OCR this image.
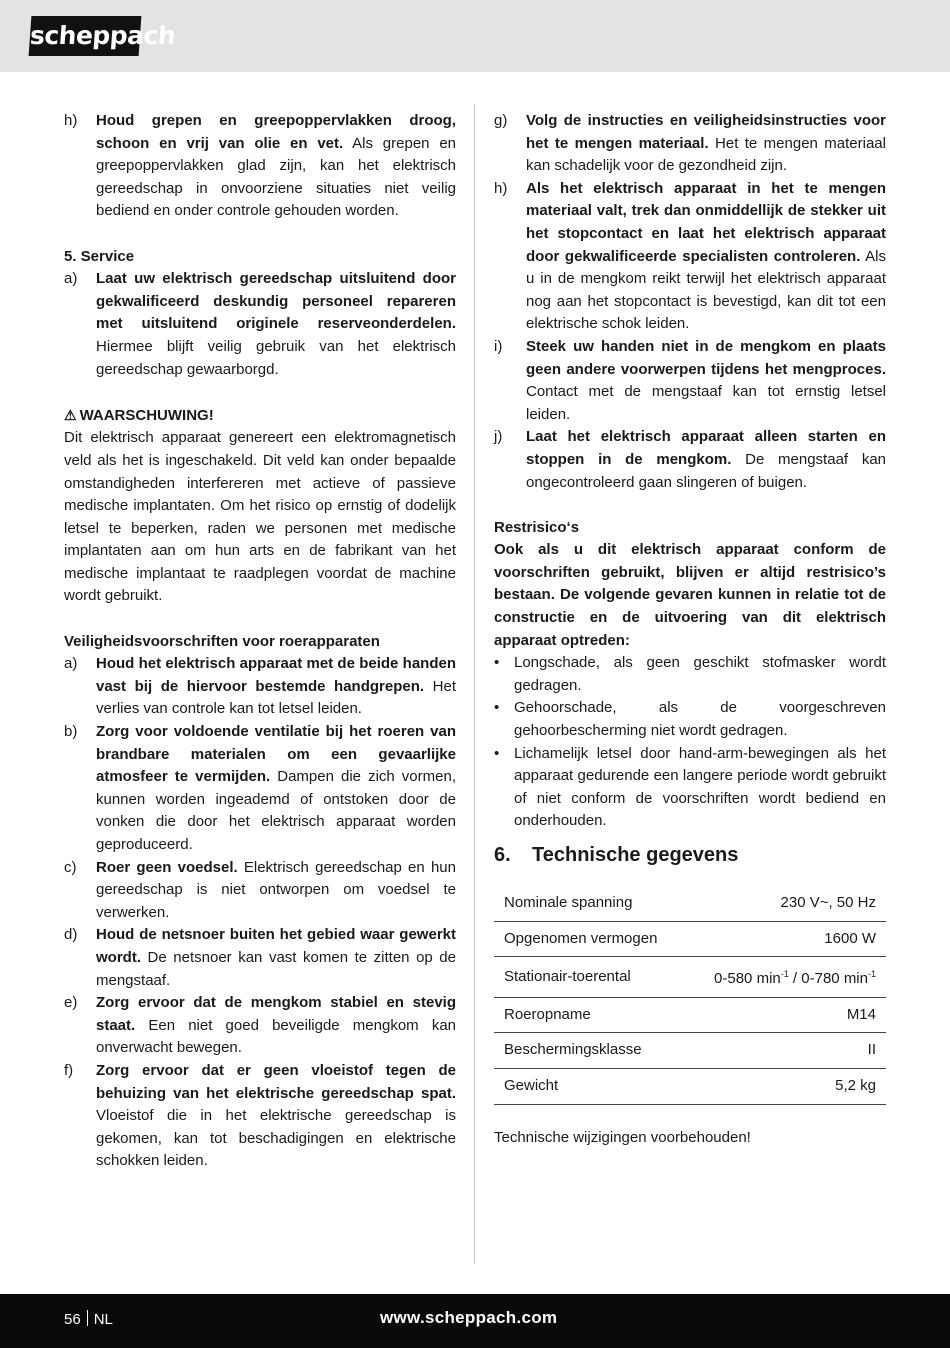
scheppach
h) Houd grepen en greepoppervlakken droog, schoon en vrij van olie en vet. Als grepen en greepoppervlakken glad zijn, kan het elektrisch gereedschap in onvoorziene situaties niet veilig bediend en onder controle gehouden worden.
5. Service
a) Laat uw elektrisch gereedschap uitsluitend door gekwalificeerd deskundig personeel repareren met uitsluitend originele reserveonderdelen. Hiermee blijft veilig gebruik van het elektrisch gereedschap gewaarborgd.
⚠ WAARSCHUWING!
Dit elektrisch apparaat genereert een elektromagnetisch veld als het is ingeschakeld. Dit veld kan onder bepaalde omstandigheden interfereren met actieve of passieve medische implantaten. Om het risico op ernstig of dodelijk letsel te beperken, raden we personen met medische implantaten aan om hun arts en de fabrikant van het medische implantaat te raadplegen voordat de machine wordt gebruikt.
Veiligheidsvoorschriften voor roerapparaten
a) Houd het elektrisch apparaat met de beide handen vast bij de hiervoor bestemde handgrepen. Het verlies van controle kan tot letsel leiden.
b) Zorg voor voldoende ventilatie bij het roeren van brandbare materialen om een gevaarlijke atmosfeer te vermijden. Dampen die zich vormen, kunnen worden ingeademd of ontstoken door de vonken die door het elektrisch apparaat worden geproduceerd.
c) Roer geen voedsel. Elektrisch gereedschap en hun gereedschap is niet ontworpen om voedsel te verwerken.
d) Houd de netsnoer buiten het gebied waar gewerkt wordt. De netsnoer kan vast komen te zitten op de mengstaaf.
e) Zorg ervoor dat de mengkom stabiel en stevig staat. Een niet goed beveiligde mengkom kan onverwacht bewegen.
f) Zorg ervoor dat er geen vloeistof tegen de behuizing van het elektrische gereedschap spat. Vloeistof die in het elektrische gereedschap is gekomen, kan tot beschadigingen en elektrische schokken leiden.
g) Volg de instructies en veiligheidsinstructies voor het te mengen materiaal. Het te mengen materiaal kan schadelijk voor de gezondheid zijn.
h) Als het elektrisch apparaat in het te mengen materiaal valt, trek dan onmiddellijk de stekker uit het stopcontact en laat het elektrisch apparaat door gekwalificeerde specialisten controleren. Als u in de mengkom reikt terwijl het elektrisch apparaat nog aan het stopcontact is bevestigd, kan dit tot een elektrische schok leiden.
i) Steek uw handen niet in de mengkom en plaats geen andere voorwerpen tijdens het mengproces. Contact met de mengstaaf kan tot ernstig letsel leiden.
j) Laat het elektrisch apparaat alleen starten en stoppen in de mengkom. De mengstaaf kan ongecontroleerd gaan slingeren of buigen.
Restrisico‘s
Ook als u dit elektrisch apparaat conform de voorschriften gebruikt, blijven er altijd restrisico’s bestaan. De volgende gevaren kunnen in relatie tot de constructie en de uitvoering van dit elektrisch apparaat optreden:
• Longschade, als geen geschikt stofmasker wordt gedragen.
• Gehoorschade, als de voorgeschreven gehoorbescherming niet wordt gedragen.
• Lichamelijk letsel door hand-arm-bewegingen als het apparaat gedurende een langere periode wordt gebruikt of niet conform de voorschriften wordt bediend en onderhouden.
6. Technische gegevens
Nominale spanning	230 V~, 50 Hz
Opgenomen vermogen	1600 W
Stationair-toerental	0-580 $\min^{-1} / 0-780$ $\min^{-1}$
Roeropname	M14
Beschermingsklasse	II
Gewicht	5,2 kg
Technische wijzigingen voorbehouden!
56 NL	www.scheppach.com
